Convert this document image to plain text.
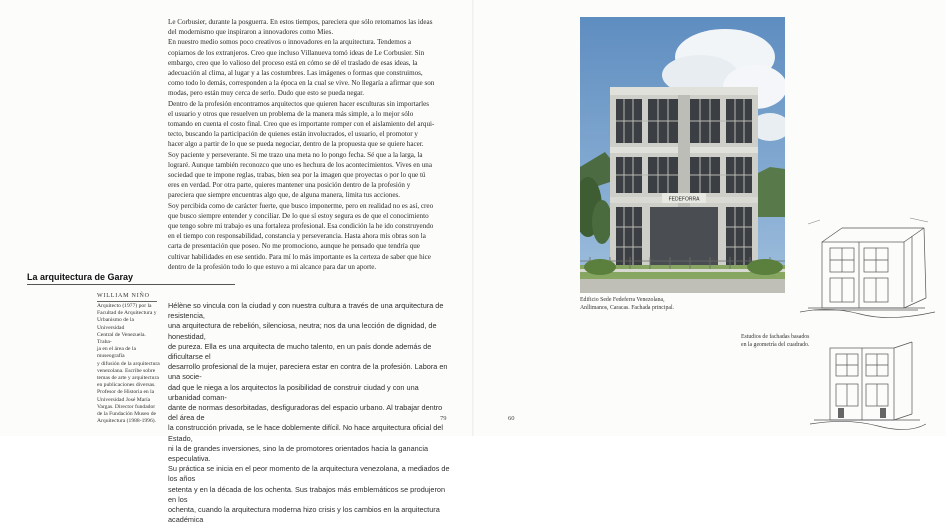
Le Corbusier, durante la posguerra. En estos tiempos, pareciera que sólo retomamos las ideas

del modernismo que inspiraron a innovadores como Mies.

En nuestro medio somos poco creativos o innovadores en la arquitectura. Tendemos a

copiarnos de los extranjeros. Creo que incluso Villanueva tomó ideas de Le Corbusier. Sin

embargo, creo que lo valioso del proceso está en cómo se dé el traslado de esas ideas, la

adecuación al clima, al lugar y a las costumbres. Las imágenes o formas que construimos,

como todo lo demás, corresponden a la época en la cual se vive. No llegaría a afirmar que son

modas, pero están muy cerca de serlo. Dudo que esto se pueda negar.

Dentro de la profesión encontramos arquitectos que quieren hacer esculturas sin importarles

el usuario y otros que resuelven un problema de la manera más simple, a lo mejor sólo

tomando en cuenta el costo final. Creo que es importante romper con el aislamiento del arqui-

tecto, buscando la participación de quienes están involucrados, el usuario, el promotor y

hacer algo a partir de lo que se pueda negociar, dentro de la propuesta que se quiere hacer.

Soy paciente y perseverante. Si me trazo una meta no lo pongo fecha. Sé que a la larga, la

lograré. Aunque también reconozco que uno es hechura de los acontecimientos. Vives en una

sociedad que te impone reglas, trabas, bien sea por la imagen que proyectas o por lo que tú

eres en verdad. Por otra parte, quieres mantener una posición dentro de la profesión y

pareciera que siempre encuentras algo que, de alguna manera, limita tus acciones.

Soy percibida como de carácter fuerte, que busco imponerme, pero en realidad no es así, creo

que busco siempre entender y conciliar. De lo que sí estoy segura es de que el conocimiento

que tengo sobre mi trabajo es una fortaleza profesional. Esa condición la he ido construyendo

en el tiempo con responsabilidad, constancia y perseverancia. Hasta ahora mis obras son la

carta de presentación que poseo. No me promociono, aunque he pensado que tendría que

cultivar habilidades en ese sentido. Para mí lo más importante es la certeza de saber que hice

dentro de la profesión todo lo que estuvo a mi alcance para dar un aporte.

La arquitectura de Garay
WILLIAM NIÑO
Arquitecto (1977) por la
Facultad de Arquitectura y
Urbanismo de la Universidad
Central de Venezuela. Traba-
ja en el área de la museografía
y difusión de la arquitectura
venezolana. Escribe sobre
temas de arte y arquitectura
en publicaciones diversas.
Profesor de Historia en la
Universidad José María
Vargas. Director fundador
de la Fundación Museo de
Arquitectura (1988-1996).
Hélène so vincula con la ciudad y con nuestra cultura a través de una arquitectura de resistencia,
una arquitectura de rebelión, silenciosa, neutra; nos da una lección de dignidad, de honestidad,
de pureza. Ella es una arquitecta de mucho talento, en un país donde además de dificultarse el
desarrollo profesional de la mujer, pareciera estar en contra de la profesión. Labora en una socie-
dad que le niega a los arquitectos la posibilidad de construir ciudad y con una urbanidad coman-
dante de normas desorbitadas, desfiguradoras del espacio urbano. Al trabajar dentro del área de
la construcción privada, se le hace doblemente difícil. No hace arquitectura oficial del Estado,
ni la de grandes inversiones, sino la de promotores orientados hacia la ganancia especulativa.
Su práctica se inicia en el peor momento de la arquitectura venezolana, a mediados de los años
setenta y en la década de los ochenta. Sus trabajos más emblemáticos se produjeron en los
ochenta, cuando la arquitectura moderna hizo crisis y los cambios en la arquitectura académica
79
FEDEFORRA
Edificio Sede Fedeferra Venezolana,
Anllimanos, Caracas. Fachada principal.
Estudios de fachadas basados
en la geometría del cuadrado.
60
